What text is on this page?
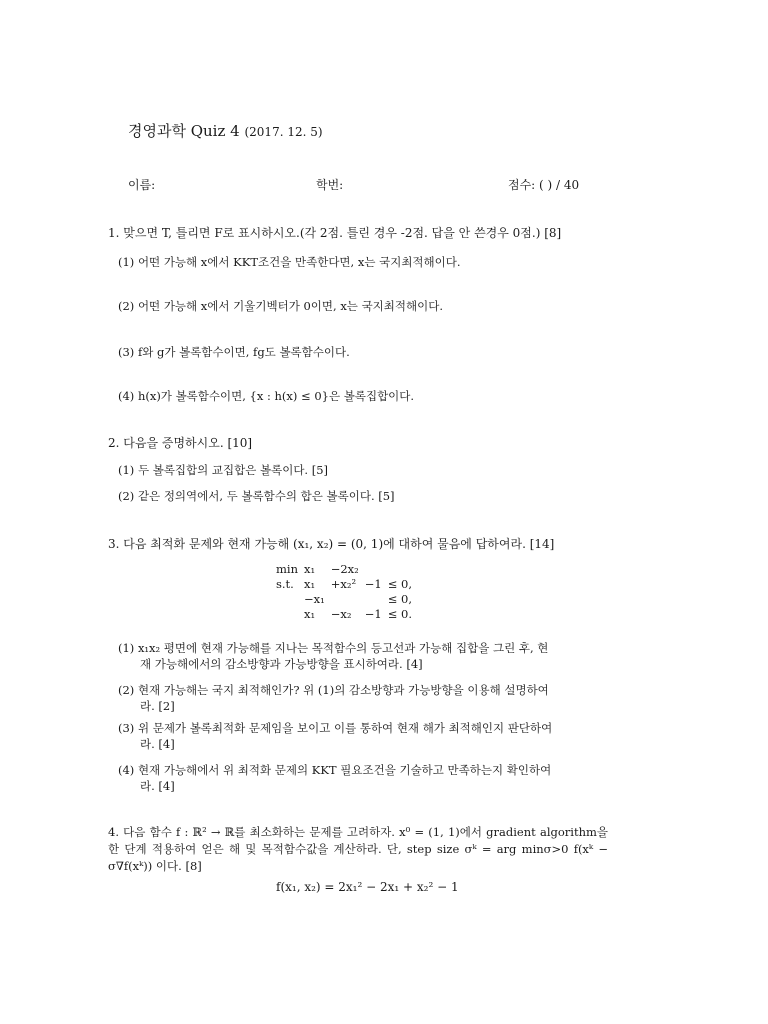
경영과학 Quiz 4 (2017. 12. 5)
이름:	학번:	점수: ( ) / 40
1. 맞으면 T, 틀리면 F로 표시하시오.(각 2점. 틀린 경우 -2점. 답을 안 쓴경우 0점.) [8]
(1) 어떤 가능해 x에서 KKT조건을 만족한다면, x는 국지최적해이다.
(2) 어떤 가능해 x에서 기울기벡터가 0이면, x는 국지최적해이다.
(3) f와 g가 볼록함수이면, fg도 볼록함수이다.
(4) h(x)가 볼록함수이면, {x : h(x) ≤ 0}은 볼록집합이다.
2. 다음을 증명하시오. [10]
(1) 두 볼록집합의 교집합은 볼록이다. [5]
(2) 같은 정의역에서, 두 볼록함수의 합은 볼록이다. [5]
3. 다음 최적화 문제와 현재 가능해 (x₁, x₂) = (0, 1)에 대하여 물음에 답하여라. [14]
min	x₁	−2x₂		
s.t.	x₁	+x₂²	−1	≤ 0,
	−x₁			≤ 0,
	x₁	−x₂	−1	≤ 0.
(1) x₁x₂ 평면에 현재 가능해를 지나는 목적함수의 등고선과 가능해 집합을 그린 후, 현
재 가능해에서의 감소방향과 가능방향을 표시하여라. [4]
(2) 현재 가능해는 국지 최적해인가? 위 (1)의 감소방향과 가능방향을 이용해 설명하여
라. [2]
(3) 위 문제가 볼록최적화 문제임을 보이고 이를 통하여 현재 해가 최적해인지 판단하여
라. [4]
(4) 현재 가능해에서 위 최적화 문제의 KKT 필요조건을 기술하고 만족하는지 확인하여
라. [4]
4. 다음 함수 f : ℝ² → ℝ를 최소화하는 문제를 고려하자. x⁰ = (1, 1)에서 gradient algorithm을 한 단계 적용하여 얻은 해 및 목적함수값을 계산하라. 단, step size σᵏ = arg minσ>0 f(xᵏ − σ∇f(xᵏ)) 이다. [8]
f(x₁, x₂) = 2x₁² − 2x₁ + x₂² − 1
